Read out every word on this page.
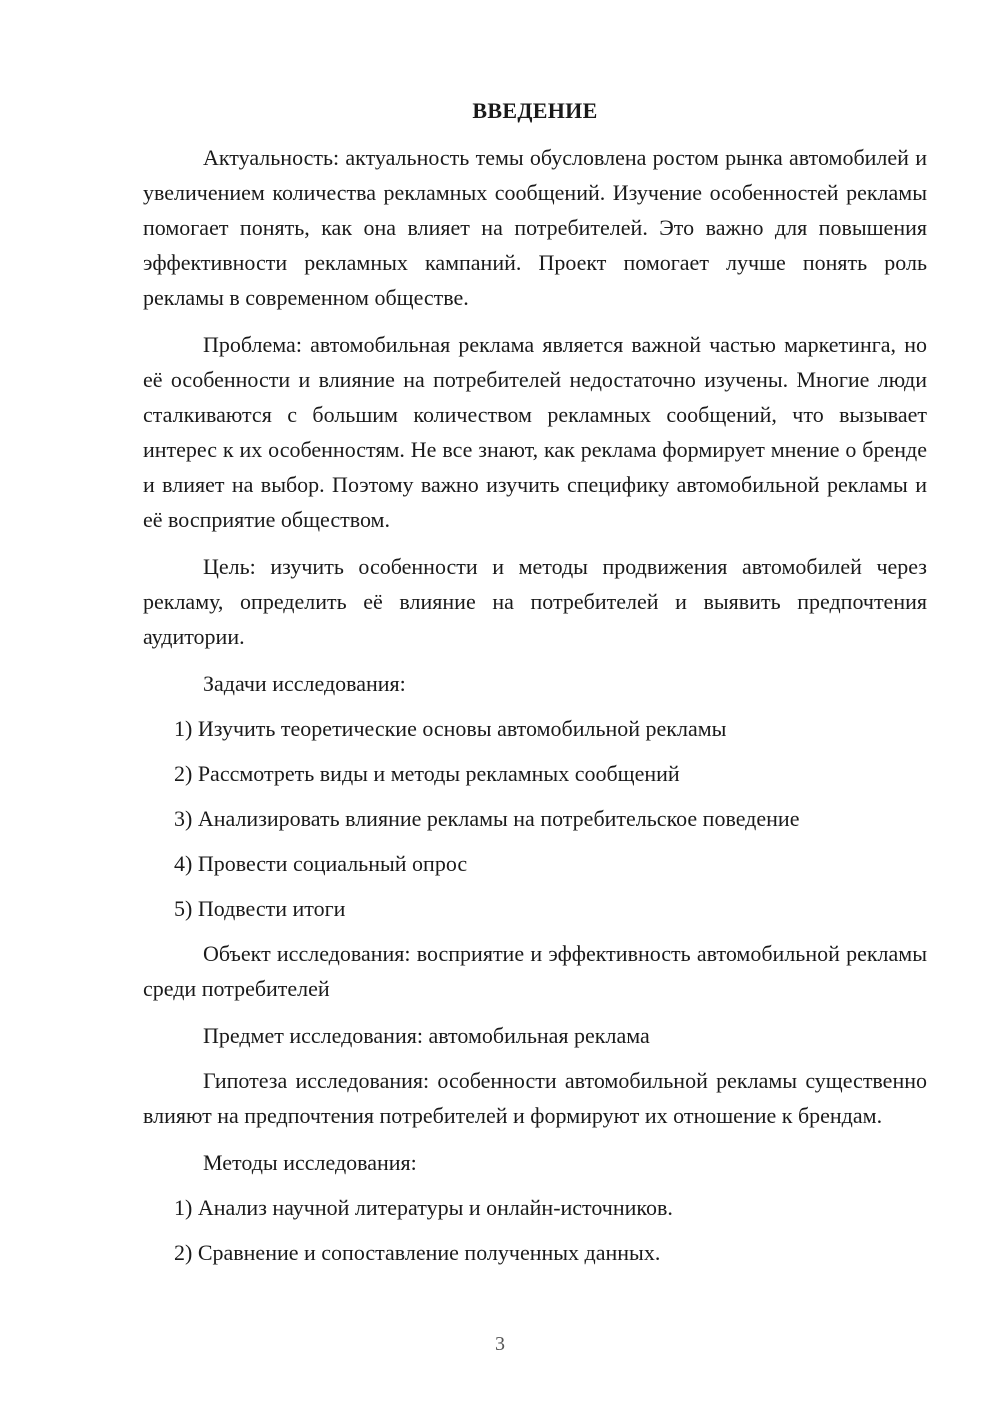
ВВЕДЕНИЕ

Актуальность: актуальность темы обусловлена ростом рынка автомобилей и увеличением количества рекламных сообщений. Изучение особенностей рекламы помогает понять, как она влияет на потребителей. Это важно для повышения эффективности рекламных кампаний. Проект помогает лучше понять роль рекламы в современном обществе.

Проблема: автомобильная реклама является важной частью маркетинга, но её особенности и влияние на потребителей недостаточно изучены. Многие люди сталкиваются с большим количеством рекламных сообщений, что вызывает интерес к их особенностям. Не все знают, как реклама формирует мнение о бренде и влияет на выбор. Поэтому важно изучить специфику автомобильной рекламы и её восприятие обществом.

Цель: изучить особенности и методы продвижения автомобилей через рекламу, определить её влияние на потребителей и выявить предпочтения аудитории.

Задачи исследования:

1) Изучить теоретические основы автомобильной рекламы
2) Рассмотреть виды и методы рекламных сообщений
3) Анализировать влияние рекламы на потребительское поведение
4) Провести социальный опрос
5) Подвести итоги

Объект исследования: восприятие и эффективность автомобильной рекламы среди потребителей

Предмет исследования: автомобильная реклама

Гипотеза исследования: особенности автомобильной рекламы существенно влияют на предпочтения потребителей и формируют их отношение к брендам.

Методы исследования:

1) Анализ научной литературы и онлайн-источников.
2) Сравнение и сопоставление полученных данных.
3
